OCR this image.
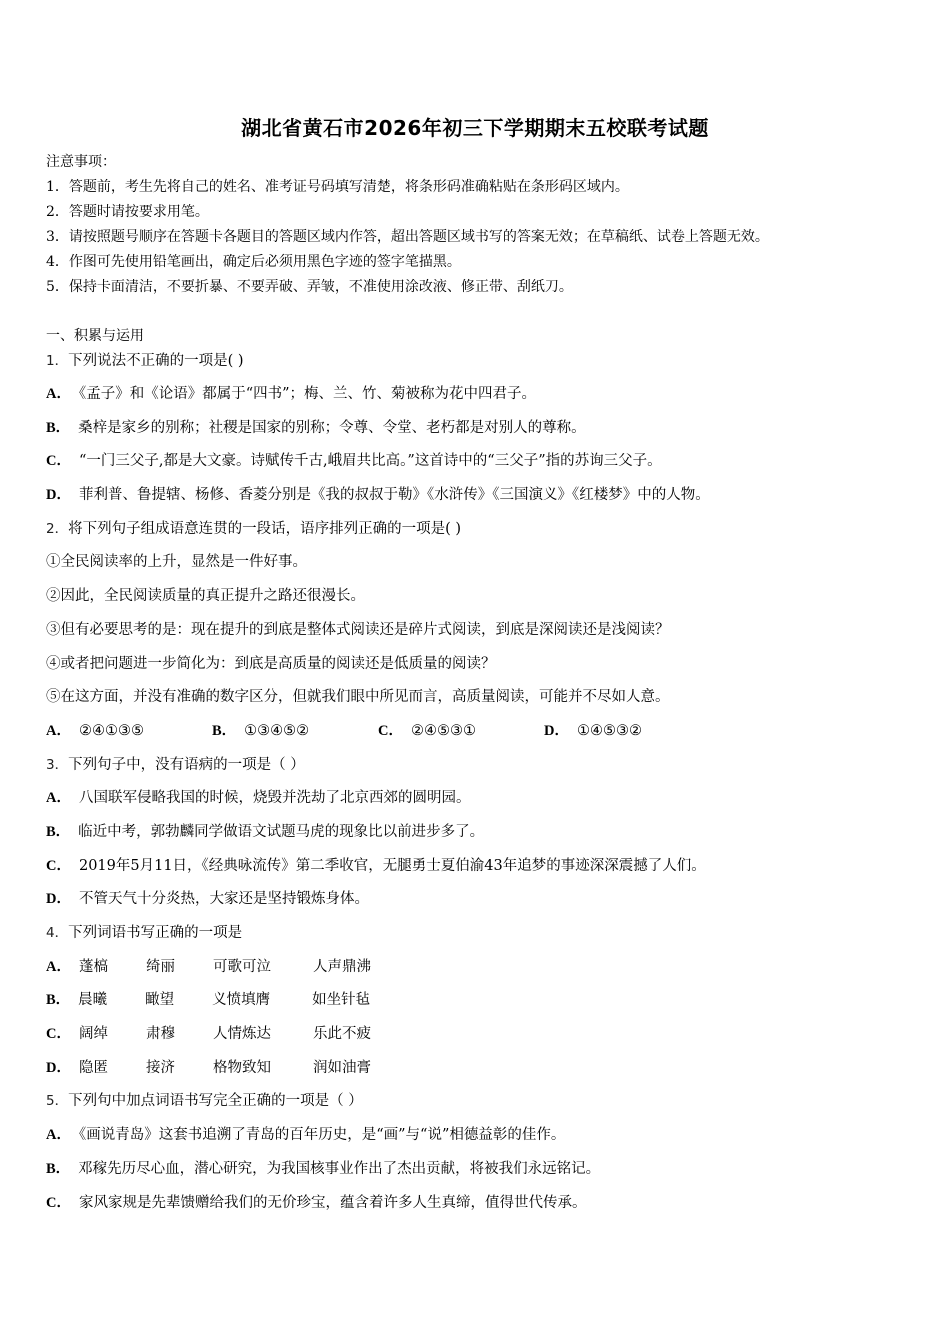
湖北省黄石市2026年初三下学期期末五校联考试题
注意事项：
1．答题前，考生先将自己的姓名、准考证号码填写清楚，将条形码准确粘贴在条形码区域内。
2．答题时请按要求用笔。
3．请按照题号顺序在答题卡各题目的答题区域内作答，超出答题区域书写的答案无效；在草稿纸、试卷上答题无效。
4．作图可先使用铅笔画出，确定后必须用黑色字迹的签字笔描黑。
5．保持卡面清洁，不要折暴、不要弄破、弄皱，不准使用涂改液、修正带、刮纸刀。
一、积累与运用
1．下列说法不正确的一项是( )
A． 《孟子》和《论语》都属于“四书”；梅、兰、竹、菊被称为花中四君子。
B． 桑梓是家乡的别称；社稷是国家的别称；令尊、令堂、老朽都是对别人的尊称。
C． “一门三父子,都是大文豪。诗赋传千古,峨眉共比高。”这首诗中的“三父子”指的苏询三父子。
D． 菲利普、鲁提辖、杨修、香菱分别是《我的叔叔于勒》《水浒传》《三国演义》《红楼梦》中的人物。
2．将下列句子组成语意连贯的一段话，语序排列正确的一项是( )
①全民阅读率的上升，显然是一件好事。
②因此，全民阅读质量的真正提升之路还很漫长。
③但有必要思考的是：现在提升的到底是整体式阅读还是碎片式阅读，到底是深阅读还是浅阅读？
④或者把问题进一步简化为：到底是高质量的阅读还是低质量的阅读？
⑤在这方面，并没有准确的数字区分，但就我们眼中所见而言，高质量阅读，可能并不尽如人意。
A． ②④①③⑤	B． ①③④⑤②	C． ②④⑤③①	D． ①④⑤③②
3．下列句子中，没有语病的一项是（ ）
A． 八国联军侵略我国的时候，烧毁并洗劫了北京西郊的圆明园。
B． 临近中考，郭勃麟同学做语文试题马虎的现象比以前进步多了。
C． 2019年5月11日，《经典咏流传》第二季收官，无腿勇士夏伯渝43年追梦的事迹深深震撼了人们。
D． 不管天气十分炎热，大家还是坚持锻炼身体。
4．下列词语书写正确的一项是
A． 蓬槁	绮丽	可歌可泣	人声鼎沸
B． 晨曦	瞰望	义愤填膺	如坐针毡
C． 阔绰	肃穆	人情炼达	乐此不疲
D． 隐匿	接济	格物致知	润如油膏
5．下列句中加点词语书写完全正确的一项是（ ）
A． 《画说青岛》这套书追溯了青岛的百年历史，是“画”与“说”相德益彰的佳作。
B． 邓稼先历尽心血，潜心研究，为我国核事业作出了杰出贡献，将被我们永远铭记。
C． 家风家规是先辈馈赠给我们的无价珍宝，蕴含着许多人生真缔，值得世代传承。
